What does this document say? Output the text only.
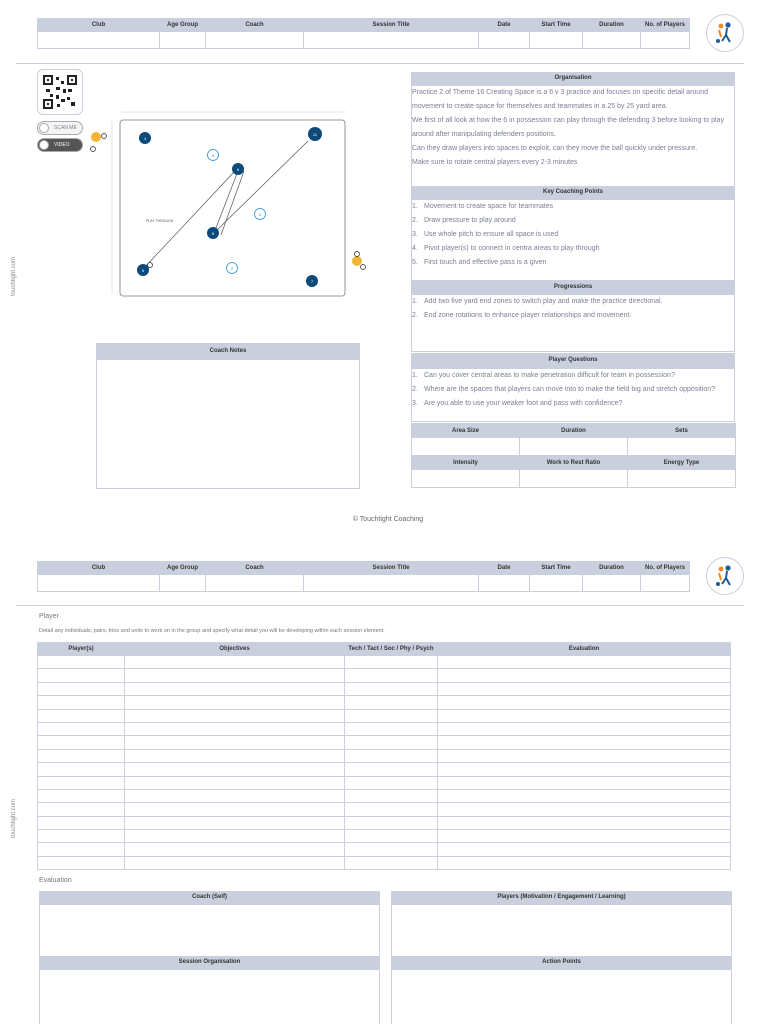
Club	Age Group	Coach	Session Title	Date	Start Time	Duration	No. of Players

touchtight.com
SCAN ME
VIDEO
PLAY THROUGH
4
6
8
11
5
7
5
4
2
Coach Notes
Organisation

Practice 2 of Theme 16 Creating Space is a 6 v 3 practice and focuses on specific detail around movement to create space for themselves and teammates in a 25 by 25 yard area.

We first of all look at how the 6 in possession can play through the defending 3 before looking to play around after manipulating defenders positions.

Can they draw players into spaces to exploit, can they move the ball quickly under pressure.

Make sure to rotate central players every 2-3 minutes

Key Coaching Points
1. Movement to create space for teammates
2. Draw pressure to play around
3. Use whole pitch to ensure all space is used
4. Pivot player(s) to connect in centra areas to play through
5. First touch and effective pass is a given
Progressions
1. Add two five yard end zones to switch play and make the practice directional.
2. End zone rotations to enhance player relationships and movement.
Player Questions
1. Can you cover central areas to make penetration difficult for team in possession?
2. Where are the spaces that players can move into to make the field big and stretch opposition?
3. Are you able to use your weaker foot and pass with confidence?
Area Size	Duration	Sets

Intensity	Work to Rest Ratio	Energy Type

© Touchtight Coaching
Club	Age Group	Coach	Session Title	Date	Start Time	Duration	No. of Players

touchtight.com
Player
Detail any individuals, pairs, trios and units to work on in the group and specify what detail you will be developing within each session element.
Player(s)	Objectives	Tech / Tact / Soc / Phy / Psych	Evaluation

Evaluation
Coach (Self)	Players (Motivation / Engagement / Learning)
Session Organisation	Action Points
